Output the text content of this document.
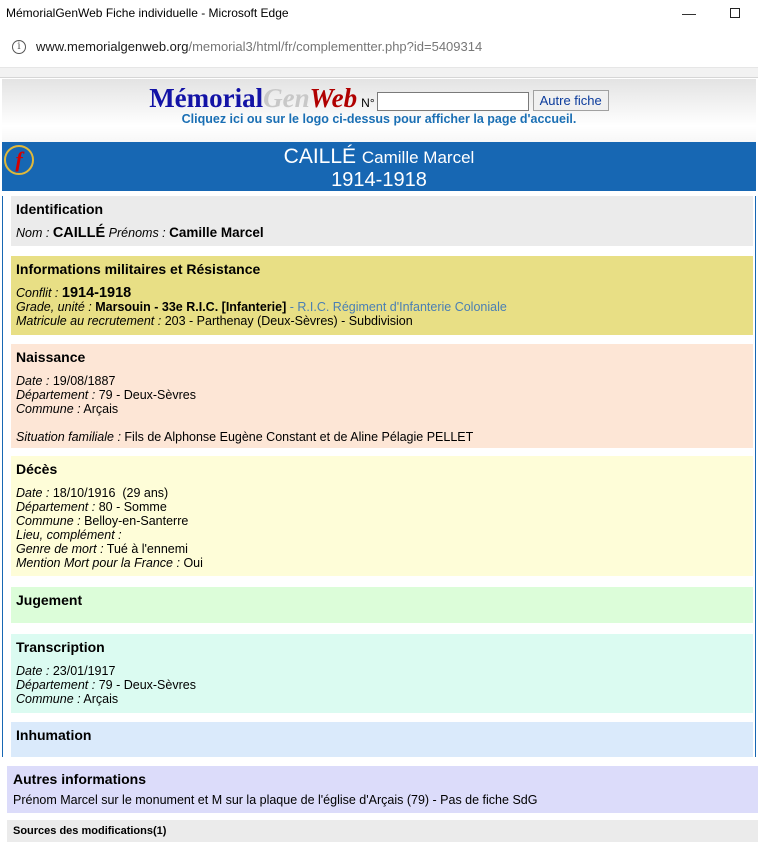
MémorialGenWeb Fiche individuelle - Microsoft Edge	—
i	www.memorialgenweb.org /memorial3/html/fr/complementter.php?id=5409314
MémorialGenWeb N°	Autre fiche
Cliquez ici ou sur le logo ci-dessus pour afficher la page d'accueil.
f	CAILLÉ Camille Marcel
1914-1918
Identification
Nom : CAILLÉ Prénoms : Camille Marcel
Informations militaires et Résistance
Conflit : 1914-1918
Grade, unité : Marsouin - 33e R.I.C. [Infanterie] - R.I.C. Régiment d'Infanterie Coloniale
Matricule au recrutement : 203 - Parthenay (Deux-Sèvres) - Subdivision
Naissance
Date : 19/08/1887
Département : 79 - Deux-Sèvres
Commune : Arçais
Situation familiale : Fils de Alphonse Eugène Constant et de Aline Pélagie PELLET
Décès
Date : 18/10/1916  (29 ans)
Département : 80 - Somme
Commune : Belloy-en-Santerre
Lieu, complément :
Genre de mort : Tué à l'ennemi
Mention Mort pour la France : Oui
Jugement
Transcription
Date : 23/01/1917
Département : 79 - Deux-Sèvres
Commune : Arçais
Inhumation
Autres informations
Prénom Marcel sur le monument et M sur la plaque de l'église d'Arçais (79) - Pas de fiche SdG
Sources des modifications(1)
